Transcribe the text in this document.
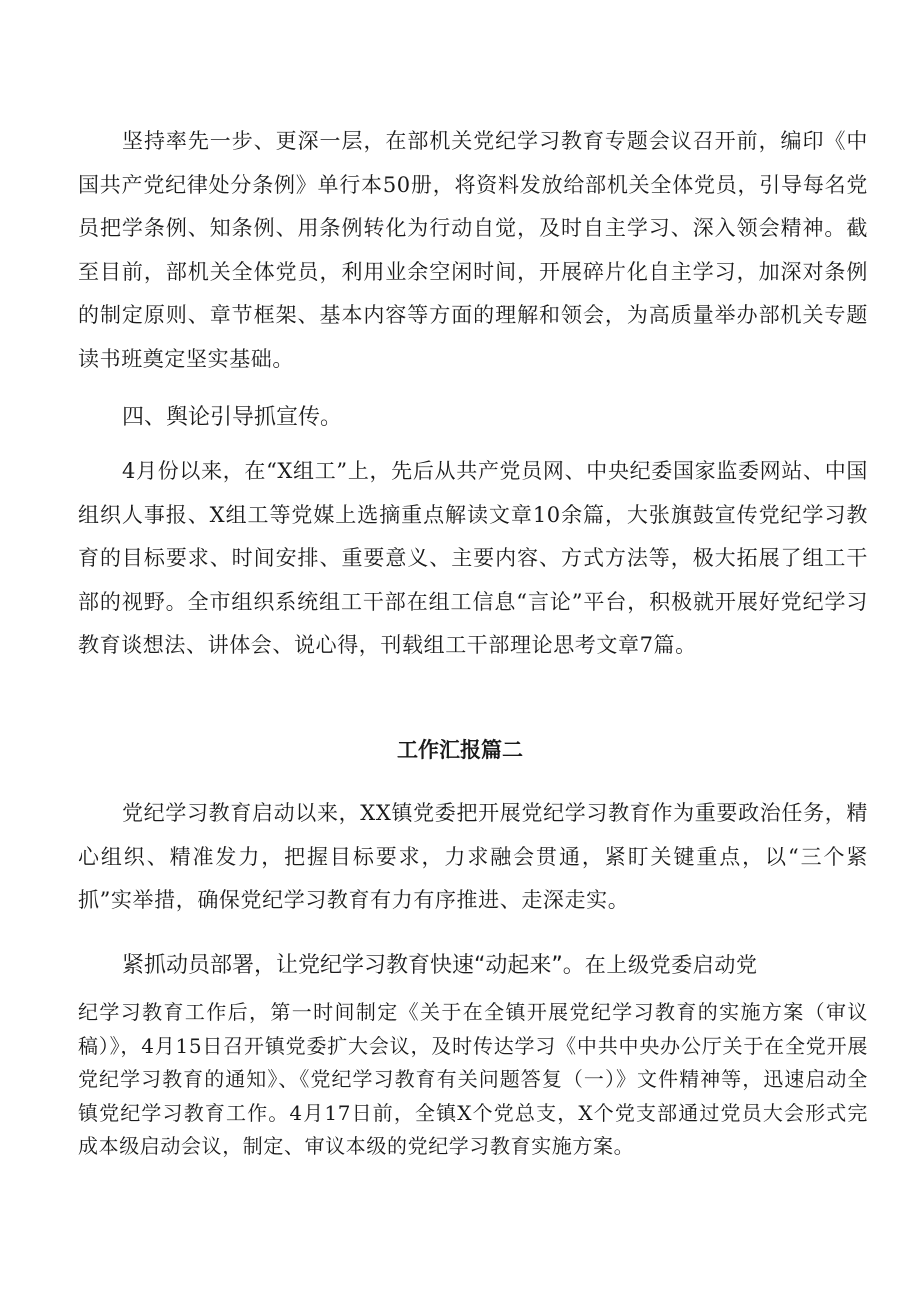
坚持率先一步、更深一层，在部机关党纪学习教育专题会议召开前，编印《中国共产党纪律处分条例》单行本50册，将资料发放给部机关全体党员，引导每名党员把学条例、知条例、用条例转化为行动自觉，及时自主学习、深入领会精神。截至目前，部机关全体党员，利用业余空闲时间，开展碎片化自主学习，加深对条例的制定原则、章节框架、基本内容等方面的理解和领会，为高质量举办部机关专题读书班奠定坚实基础。

四、舆论引导抓宣传。

4月份以来，在“X组工”上，先后从共产党员网、中央纪委国家监委网站、中国组织人事报、X组工等党媒上选摘重点解读文章10余篇，大张旗鼓宣传党纪学习教育的目标要求、时间安排、重要意义、主要内容、方式方法等，极大拓展了组工干部的视野。全市组织系统组工干部在组工信息“言论”平台，积极就开展好党纪学习教育谈想法、讲体会、说心得，刊载组工干部理论思考文章7篇。

工作汇报篇二

党纪学习教育启动以来，XX镇党委把开展党纪学习教育作为重要政治任务，精心组织、精准发力，把握目标要求，力求融会贯通，紧盯关键重点，以“三个紧抓”实举措，确保党纪学习教育有力有序推进、走深走实。

紧抓动员部署，让党纪学习教育快速“动起来”。在上级党委启动党

纪学习教育工作后，第一时间制定《关于在全镇开展党纪学习教育的实施方案（审议稿）》，4月15日召开镇党委扩大会议，及时传达学习《中共中央办公厅关于在全党开展党纪学习教育的通知》、《党纪学习教育有关问题答复（一）》文件精神等，迅速启动全镇党纪学习教育工作。4月17日前，全镇X个党总支，X个党支部通过党员大会形式完成本级启动会议，制定、审议本级的党纪学习教育实施方案。
